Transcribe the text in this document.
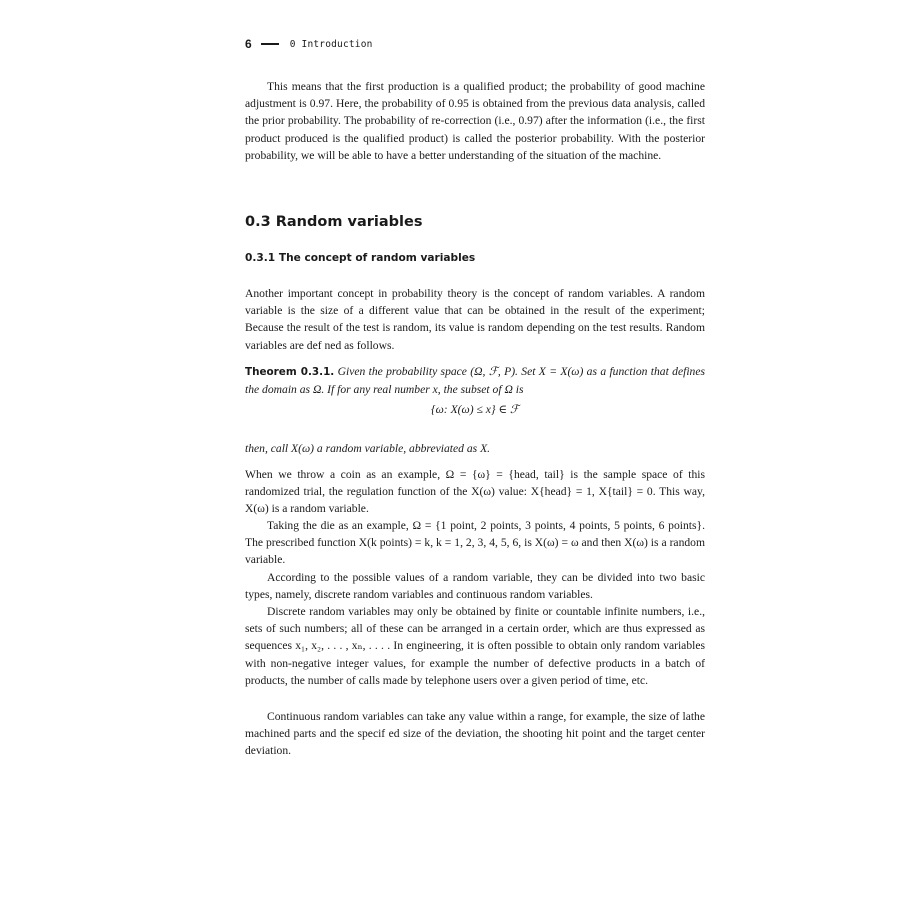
6	0 Introduction

This means that the first production is a qualified product; the probability of good machine adjustment is 0.97. Here, the probability of 0.95 is obtained from the previous data analysis, called the prior probability. The probability of re-correction (i.e., 0.97) after the information (i.e., the first product produced is the qualified product) is called the posterior probability. With the posterior probability, we will be able to have a better understanding of the situation of the machine.

0.3 Random variables
0.3.1 The concept of random variables

Another important concept in probability theory is the concept of random variables. A random variable is the size of a different value that can be obtained in the result of the experiment; Because the result of the test is random, its value is random depending on the test results. Random variables are def ned as follows.

Theorem 0.3.1. Given the probability space (Ω, ℱ, P). Set X = X(ω) as a function that defines the domain as Ω. If for any real number x, the subset of Ω is

{ω: X(ω) ≤ x} ∈ ℱ

then, call X(ω) a random variable, abbreviated as X.

When we throw a coin as an example, Ω = {ω} = {head, tail} is the sample space of this randomized trial, the regulation function of the X(ω) value: X{head} = 1, X{tail} = 0. This way, X(ω) is a random variable.

Taking the die as an example, Ω = {1 point, 2 points, 3 points, 4 points, 5 points, 6 points}. The prescribed function X(k points) = k, k = 1, 2, 3, 4, 5, 6, is X(ω) = ω and then X(ω) is a random variable.

According to the possible values of a random variable, they can be divided into two basic types, namely, discrete random variables and continuous random variables.

Discrete random variables may only be obtained by finite or countable infinite numbers, i.e., sets of such numbers; all of these can be arranged in a certain order, which are thus expressed as sequences x₁, x₂, . . . , xₙ, . . . . In engineering, it is often possible to obtain only random variables with non-negative integer values, for example the number of defective products in a batch of products, the number of calls made by telephone users over a given period of time, etc.

Continuous random variables can take any value within a range, for example, the size of lathe machined parts and the specif ed size of the deviation, the shooting hit point and the target center deviation.
